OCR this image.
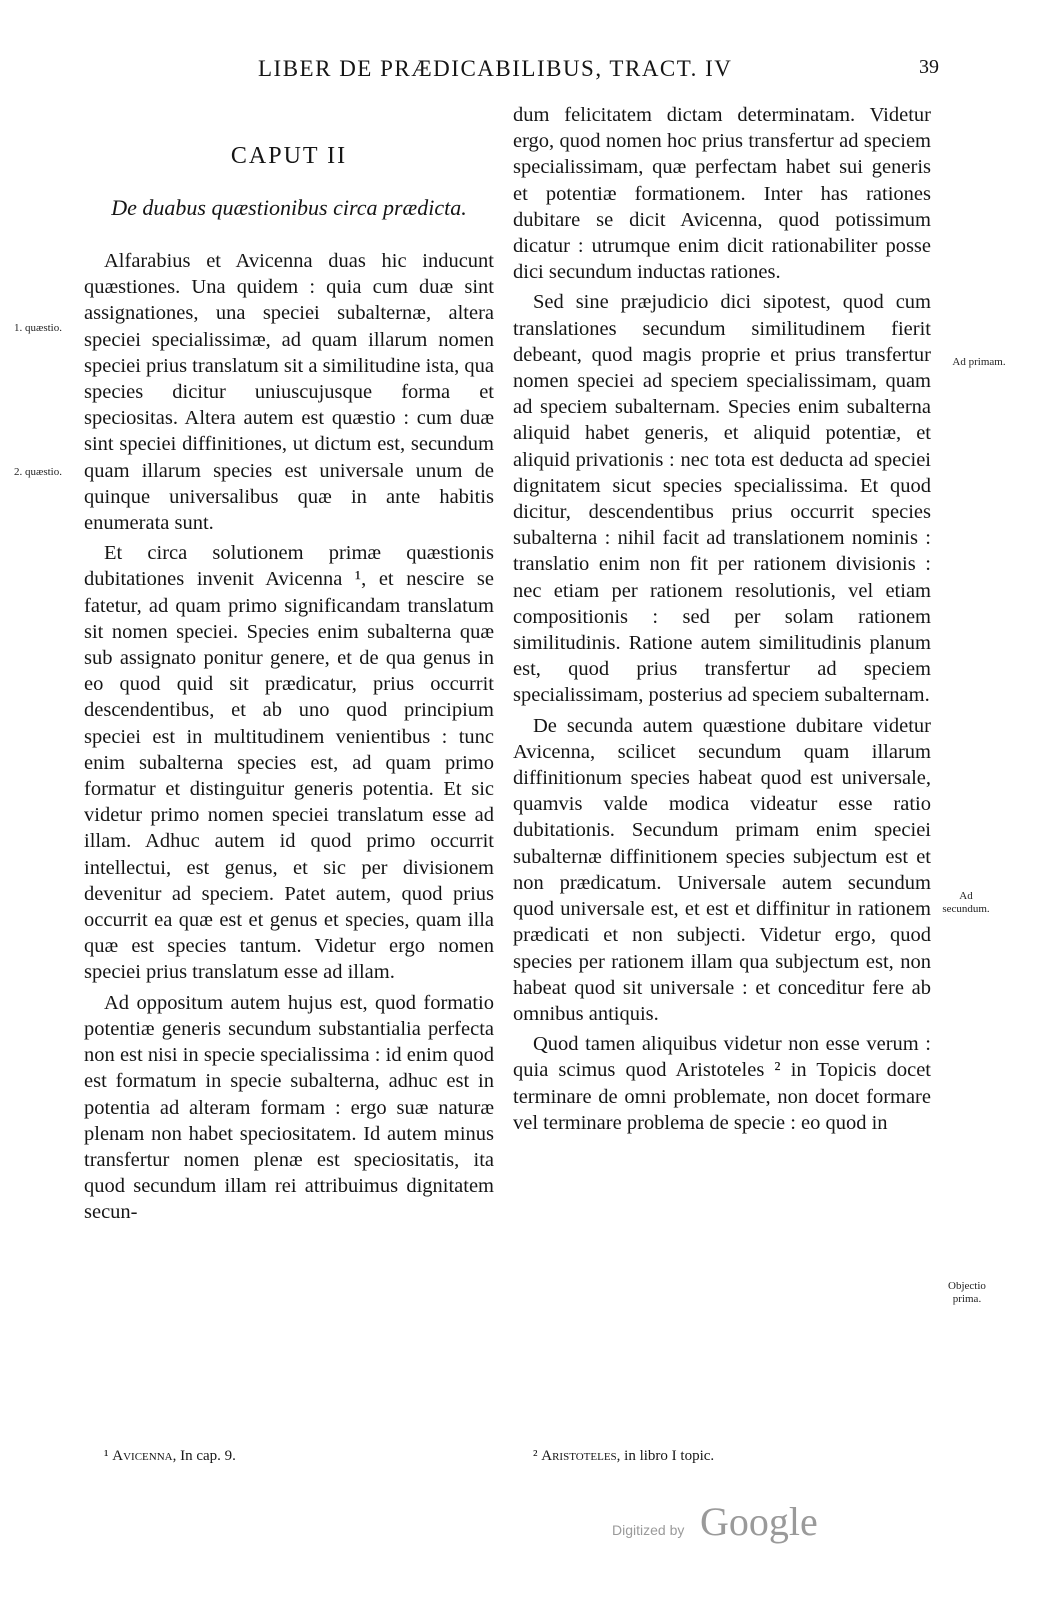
LIBER DE PRÆDICABILIBUS, TRACT. IV	39
CAPUT II
De duabus quæstionibus circa prædicta.

Alfarabius et Avicenna duas hic inducunt quæstiones. Una quidem : quia cum duæ sint assignationes, una speciei subalternæ, altera speciei specialissimæ, ad quam illarum nomen speciei prius translatum sit a similitudine ista, qua species dicitur uniuscujusque forma et speciositas. Altera autem est quæstio : cum duæ sint speciei diffinitiones, ut dictum est, secundum quam illarum species est universale unum de quinque universalibus quæ in ante habitis enumerata sunt.

Et circa solutionem primæ quæstionis dubitationes invenit Avicenna ¹, et nescire se fatetur, ad quam primo significandam translatum sit nomen speciei. Species enim subalterna quæ sub assignato ponitur genere, et de qua genus in eo quod quid sit prædicatur, prius occurrit descendentibus, et ab uno quod principium speciei est in multitudinem venientibus : tunc enim subalterna species est, ad quam primo formatur et distinguitur generis potentia. Et sic videtur primo nomen speciei translatum esse ad illam. Adhuc autem id quod primo occurrit intellectui, est genus, et sic per divisionem devenitur ad speciem. Patet autem, quod prius occurrit ea quæ est et genus et species, quam illa quæ est species tantum. Videtur ergo nomen speciei prius translatum esse ad illam.

Ad oppositum autem hujus est, quod formatio potentiæ generis secundum substantialia perfecta non est nisi in specie specialissima : id enim quod est formatum in specie subalterna, adhuc est in potentia ad alteram formam : ergo suæ naturæ plenam non habet speciositatem. Id autem minus transfertur nomen plenæ est speciositatis, ita quod secundum illam rei attribuimus dignitatem secun-

1. quæstio.
2. quæstio.

dum felicitatem dictam determinatam. Videtur ergo, quod nomen hoc prius transfertur ad speciem specialissimam, quæ perfectam habet sui generis et potentiæ formationem. Inter has rationes dubitare se dicit Avicenna, quod potissimum dicatur : utrumque enim dicit rationabiliter posse dici secundum inductas rationes.

Sed sine præjudicio dici sipotest, quod cum translationes secundum similitudinem fierit debeant, quod magis proprie et prius transfertur nomen speciei ad speciem specialissimam, quam ad speciem subalternam. Species enim subalterna aliquid habet generis, et aliquid potentiæ, et aliquid privationis : nec tota est deducta ad speciei dignitatem sicut species specialissima. Et quod dicitur, descendentibus prius occurrit species subalterna : nihil facit ad translationem nominis : translatio enim non fit per rationem divisionis : nec etiam per rationem resolutionis, vel etiam compositionis : sed per solam rationem similitudinis. Ratione autem similitudinis planum est, quod prius transfertur ad speciem specialissimam, posterius ad speciem subalternam.

De secunda autem quæstione dubitare videtur Avicenna, scilicet secundum quam illarum diffinitionum species habeat quod est universale, quamvis valde modica videatur esse ratio dubitationis. Secundum primam enim speciei subalternæ diffinitionem species subjectum est et non prædicatum. Universale autem secundum quod universale est, et est et diffinitur in rationem prædicati et non subjecti. Videtur ergo, quod species per rationem illam qua subjectum est, non habeat quod sit universale : et conceditur fere ab omnibus antiquis.

Quod tamen aliquibus videtur non esse verum : quia scimus quod Aristoteles ² in Topicis docet terminare de omni problemate, non docet formare vel terminare problema de specie : eo quod in

Ad primam.
Ad secundum.
Objectio prima.
¹ Avicenna, In cap. 9.	² Aristoteles, in libro I topic.
Digitized by Google
